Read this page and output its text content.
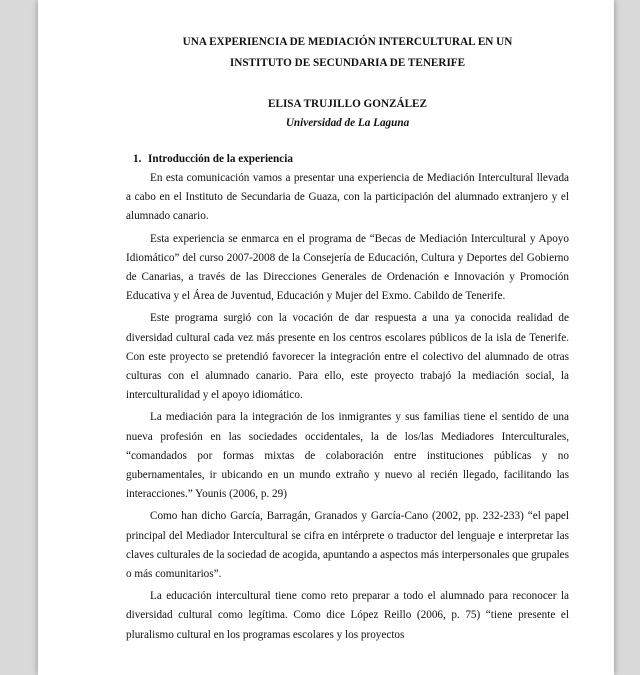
UNA EXPERIENCIA DE MEDIACIÓN INTERCULTURAL EN UN

INSTITUTO DE SECUNDARIA DE TENERIFE

ELISA TRUJILLO GONZÁLEZ

Universidad de La Laguna

1. Introducción de la experiencia

En esta comunicación vamos a presentar una experiencia de Mediación Intercultural llevada a cabo en el Instituto de Secundaria de Guaza, con la participación del alumnado extranjero y el alumnado canario.

Esta experiencia se enmarca en el programa de “Becas de Mediación Intercultural y Apoyo Idiomático” del curso 2007-2008 de la Consejería de Educación, Cultura y Deportes del Gobierno de Canarias, a través de las Direcciones Generales de Ordenación e Innovación y Promoción Educativa y el Área de Juventud, Educación y Mujer del Exmo. Cabildo de Tenerife.

Este programa surgió con la vocación de dar respuesta a una ya conocida realidad de diversidad cultural cada vez más presente en los centros escolares públicos de la isla de Tenerife. Con este proyecto se pretendió favorecer la integración entre el colectivo del alumnado de otras culturas con el alumnado canario. Para ello, este proyecto trabajó la mediación social, la interculturalidad y el apoyo idiomático.

La mediación para la integración de los inmigrantes y sus familias tiene el sentido de una nueva profesión en las sociedades occidentales, la de los/las Mediadores Interculturales, “comandados por formas mixtas de colaboración entre instituciones públicas y no gubernamentales, ir ubicando en un mundo extraño y nuevo al recién llegado, facilitando las interacciones.” Younis (2006, p. 29)

Como han dicho García, Barragán, Granados y García-Cano (2002, pp. 232-233) “el papel principal del Mediador Intercultural se cifra en intérprete o traductor del lenguaje e interpretar las claves culturales de la sociedad de acogida, apuntando a aspectos más interpersonales que grupales o más comunitarios”.

La educación intercultural tiene como reto preparar a todo el alumnado para reconocer la diversidad cultural como legítima. Como dice López Reillo (2006, p. 75) “tiene presente el pluralismo cultural en los programas escolares y los proyectos
